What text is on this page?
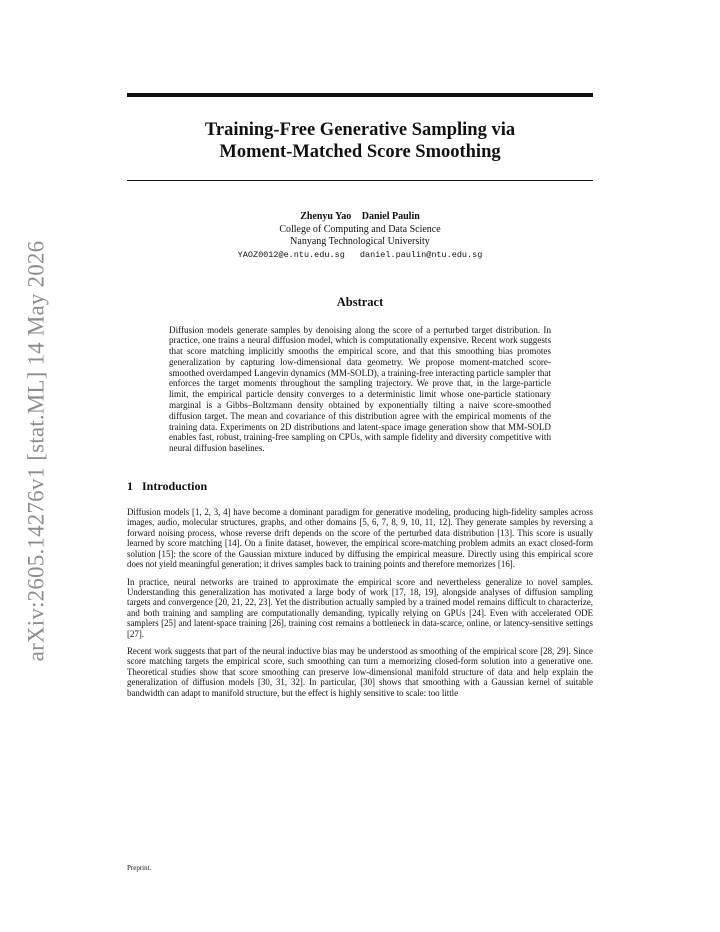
arXiv:2605.14276v1 [stat.ML] 14 May 2026
Training-Free Generative Sampling via
Moment-Matched Score Smoothing
Zhenyu Yao Daniel Paulin
College of Computing and Data Science
Nanyang Technological University
YAOZ0012@e.ntu.edu.sg daniel.paulin@ntu.edu.sg
Abstract

Diffusion models generate samples by denoising along the score of a perturbed target distribution. In practice, one trains a neural diffusion model, which is computationally expensive. Recent work suggests that score matching implicitly smooths the empirical score, and that this smoothing bias promotes generalization by capturing low-dimensional data geometry. We propose moment-matched score-smoothed overdamped Langevin dynamics (MM-SOLD), a training-free interacting particle sampler that enforces the target moments throughout the sampling trajectory. We prove that, in the large-particle limit, the empirical particle density converges to a deterministic limit whose one-particle stationary marginal is a Gibbs–Boltzmann density obtained by exponentially tilting a naive score-smoothed diffusion target. The mean and covariance of this distribution agree with the empirical moments of the training data. Experiments on 2D distributions and latent-space image generation show that MM-SOLD enables fast, robust, training-free sampling on CPUs, with sample fidelity and diversity competitive with neural diffusion baselines.

1 Introduction

Diffusion models [1, 2, 3, 4] have become a dominant paradigm for generative modeling, producing high-fidelity samples across images, audio, molecular structures, graphs, and other domains [5, 6, 7, 8, 9, 10, 11, 12]. They generate samples by reversing a forward noising process, whose reverse drift depends on the score of the perturbed data distribution [13]. This score is usually learned by score matching [14]. On a finite dataset, however, the empirical score-matching problem admits an exact closed-form solution [15]: the score of the Gaussian mixture induced by diffusing the empirical measure. Directly using this empirical score does not yield meaningful generation; it drives samples back to training points and therefore memorizes [16].

In practice, neural networks are trained to approximate the empirical score and nevertheless generalize to novel samples. Understanding this generalization has motivated a large body of work [17, 18, 19], alongside analyses of diffusion sampling targets and convergence [20, 21, 22, 23]. Yet the distribution actually sampled by a trained model remains difficult to characterize, and both training and sampling are computationally demanding, typically relying on GPUs [24]. Even with accelerated ODE samplers [25] and latent-space training [26], training cost remains a bottleneck in data-scarce, online, or latency-sensitive settings [27].

Recent work suggests that part of the neural inductive bias may be understood as smoothing of the empirical score [28, 29]. Since score matching targets the empirical score, such smoothing can turn a memorizing closed-form solution into a generative one. Theoretical studies show that score smoothing can preserve low-dimensional manifold structure of data and help explain the generalization of diffusion models [30, 31, 32]. In particular, [30] shows that smoothing with a Gaussian kernel of suitable bandwidth can adapt to manifold structure, but the effect is highly sensitive to scale: too little

Preprint.
